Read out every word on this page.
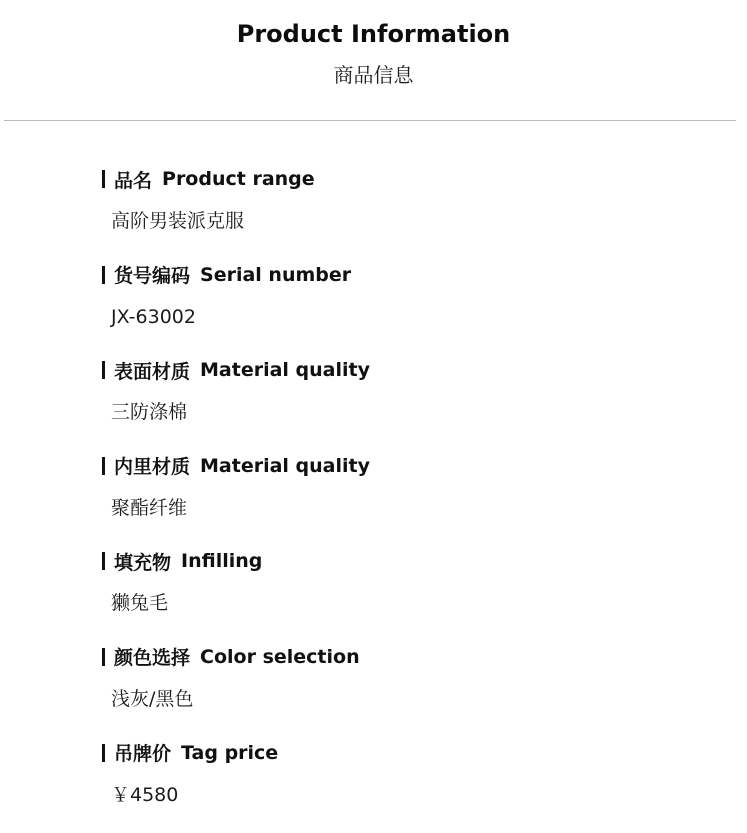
Product Information
商品信息
品名 Product range
高阶男装派克服
货号编码 Serial number
JX-63002
表面材质 Material quality
三防涤棉
内里材质 Material quality
聚酯纤维
填充物 Infilling
獭兔毛
颜色选择 Color selection
浅灰/黑色
吊牌价 Tag price
￥4580
